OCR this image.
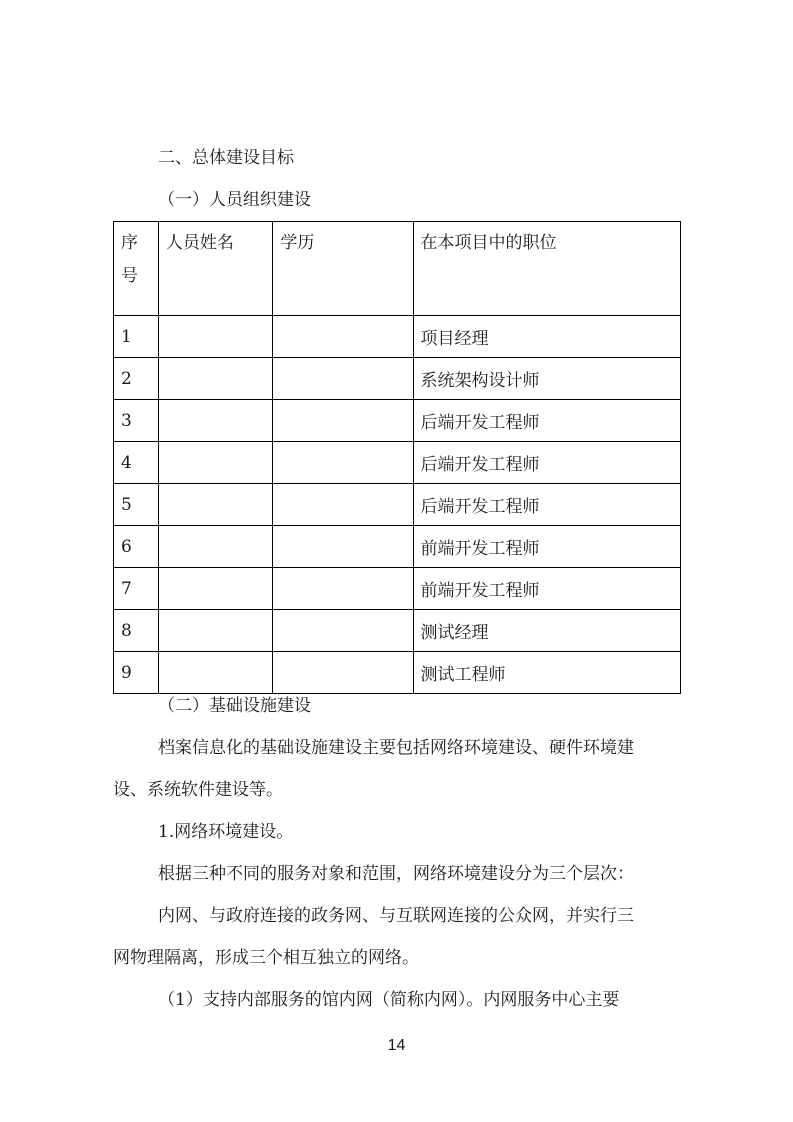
二、总体建设目标
（一）人员组织建设
序
号	人员姓名	学历	在本项目中的职位

1			项目经理
2			系统架构设计师
3			后端开发工程师
4			后端开发工程师
5			后端开发工程师
6			前端开发工程师
7			前端开发工程师
8			测试经理
9			测试工程师
（二）基础设施建设
档案信息化的基础设施建设主要包括网络环境建设、硬件环境建
设、系统软件建设等。
1.网络环境建设。
根据三种不同的服务对象和范围，网络环境建设分为三个层次：
内网、与政府连接的政务网、与互联网连接的公众网，并实行三
网物理隔离，形成三个相互独立的网络。
（1）支持内部服务的馆内网（简称内网）。内网服务中心主要
14
